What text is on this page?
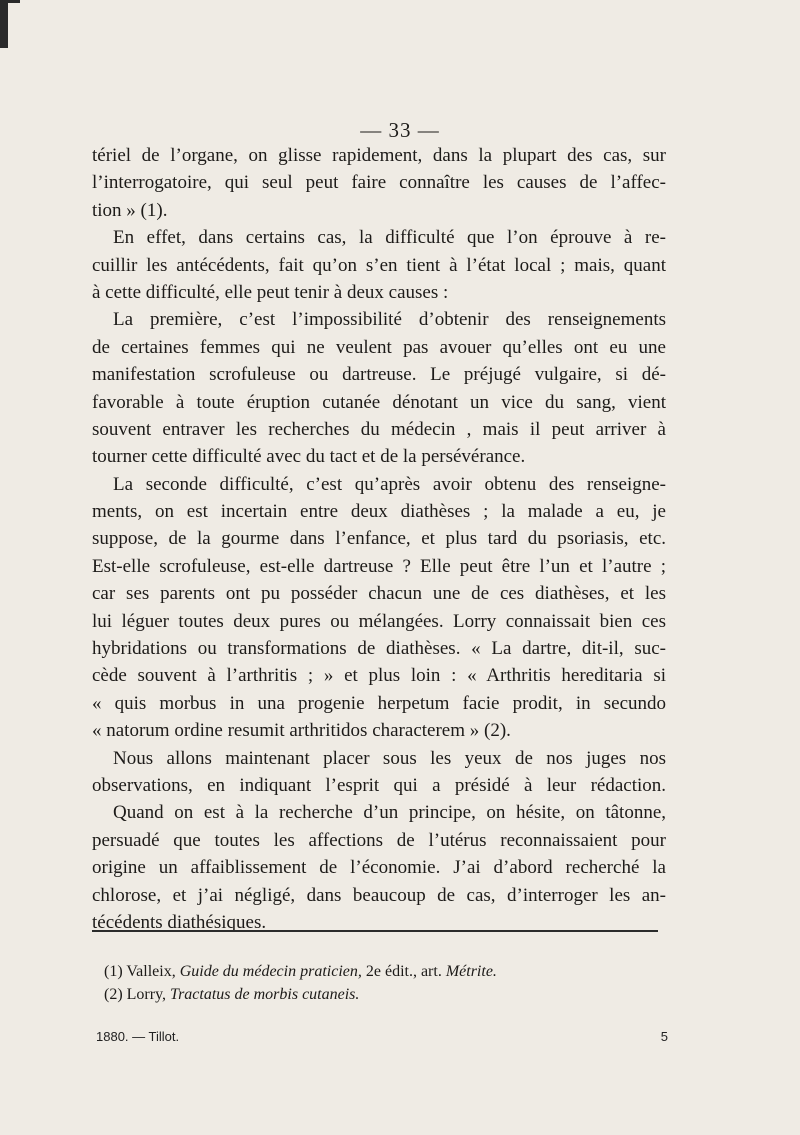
— 33 —
tériel de l’organe, on glisse rapidement, dans la plupart des cas, sur
l’interrogatoire, qui seul peut faire connaître les causes de l’affec-
tion » (1).
En effet, dans certains cas, la difficulté que l’on éprouve à re-
cuillir les antécédents, fait qu’on s’en tient à l’état local ; mais, quant
à cette difficulté, elle peut tenir à deux causes :
La première, c’est l’impossibilité d’obtenir des renseignements
de certaines femmes qui ne veulent pas avouer qu’elles ont eu une
manifestation scrofuleuse ou dartreuse. Le préjugé vulgaire, si dé-
favorable à toute éruption cutanée dénotant un vice du sang, vient
souvent entraver les recherches du médecin , mais il peut arriver à
tourner cette difficulté avec du tact et de la persévérance.
La seconde difficulté, c’est qu’après avoir obtenu des renseigne-
ments, on est incertain entre deux diathèses ; la malade a eu, je
suppose, de la gourme dans l’enfance, et plus tard du psoriasis, etc.
Est-elle scrofuleuse, est-elle dartreuse ? Elle peut être l’un et l’autre ;
car ses parents ont pu posséder chacun une de ces diathèses, et les
lui léguer toutes deux pures ou mélangées. Lorry connaissait bien ces
hybridations ou transformations de diathèses. « La dartre, dit-il, suc-
cède souvent à l’arthritis ; » et plus loin : « Arthritis hereditaria si
« quis morbus in una progenie herpetum facie prodit, in secundo
« natorum ordine resumit arthritidos characterem » (2).
Nous allons maintenant placer sous les yeux de nos juges nos
observations, en indiquant l’esprit qui a présidé à leur rédaction.
Quand on est à la recherche d’un principe, on hésite, on tâtonne,
persuadé que toutes les affections de l’utérus reconnaissaient pour
origine un affaiblissement de l’économie. J’ai d’abord recherché la
chlorose, et j’ai négligé, dans beaucoup de cas, d’interroger les an-
técédents diathésiques.
(1) Valleix, Guide du médecin praticien, 2e édit., art. Métrite.
(2) Lorry, Tractatus de morbis cutaneis.
1880. — Tillot.	5
